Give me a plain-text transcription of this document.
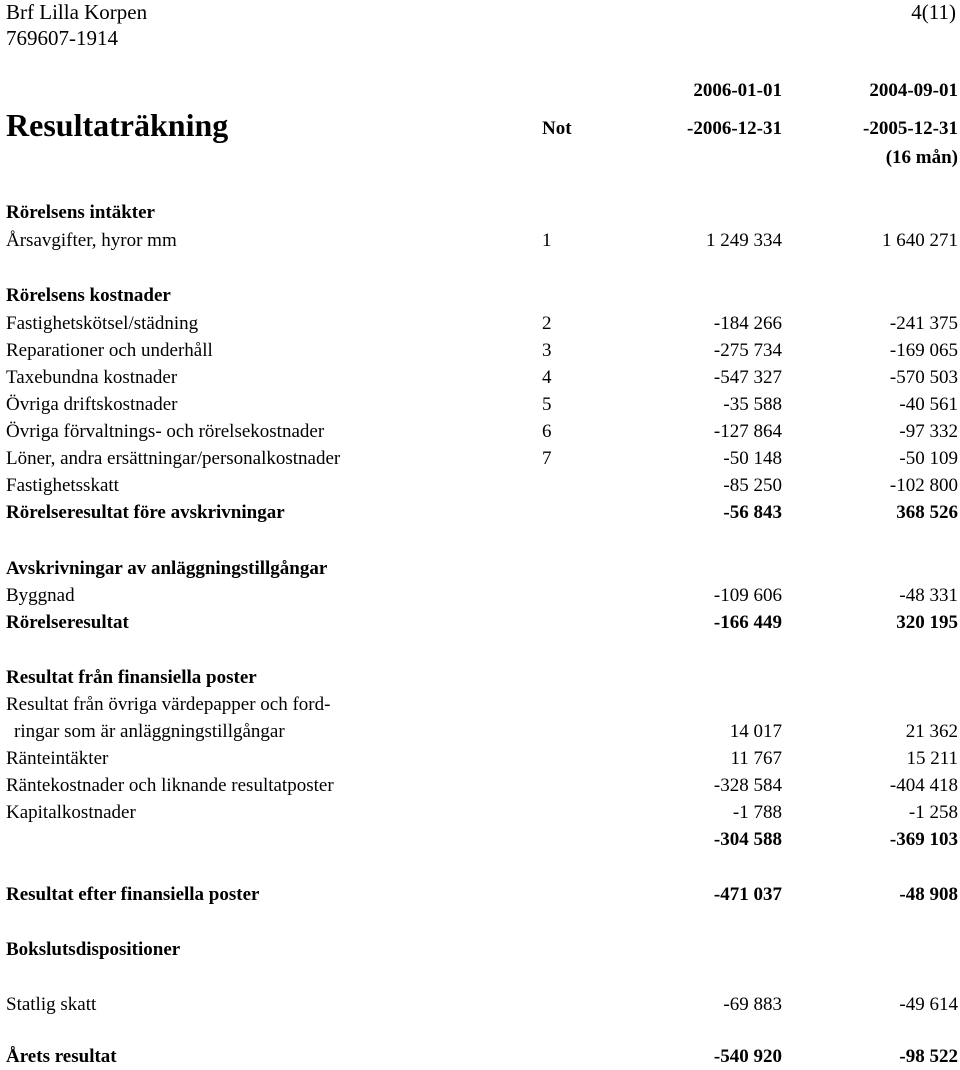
Brf Lilla Korpen
769607-1914
4(11)
2006-01-01	2004-09-01
Resultaträkning	Not	-2006-12-31	-2005-12-31
(16 mån)
Rörelsens intäkter
Årsavgifter, hyror mm	1	1 249 334	1 640 271
Rörelsens kostnader
Fastighetskötsel/städning	2	-184 266	-241 375
Reparationer och underhåll	3	-275 734	-169 065
Taxebundna kostnader	4	-547 327	-570 503
Övriga driftskostnader	5	-35 588	-40 561
Övriga förvaltnings- och rörelsekostnader	6	-127 864	-97 332
Löner, andra ersättningar/personalkostnader	7	-50 148	-50 109
Fastighetsskatt	-85 250	-102 800
Rörelseresultat före avskrivningar	-56 843	368 526
Avskrivningar av anläggningstillgångar
Byggnad	-109 606	-48 331
Rörelseresultat	-166 449	320 195
Resultat från finansiella poster
Resultat från övriga värdepapper och ford-
ringar som är anläggningstillgångar	14 017	21 362
Ränteintäkter	11 767	15 211
Räntekostnader och liknande resultatposter	-328 584	-404 418
Kapitalkostnader	-1 788	-1 258
-304 588	-369 103
Resultat efter finansiella poster	-471 037	-48 908
Bokslutsdispositioner
Statlig skatt	-69 883	-49 614
Årets resultat	-540 920	-98 522
